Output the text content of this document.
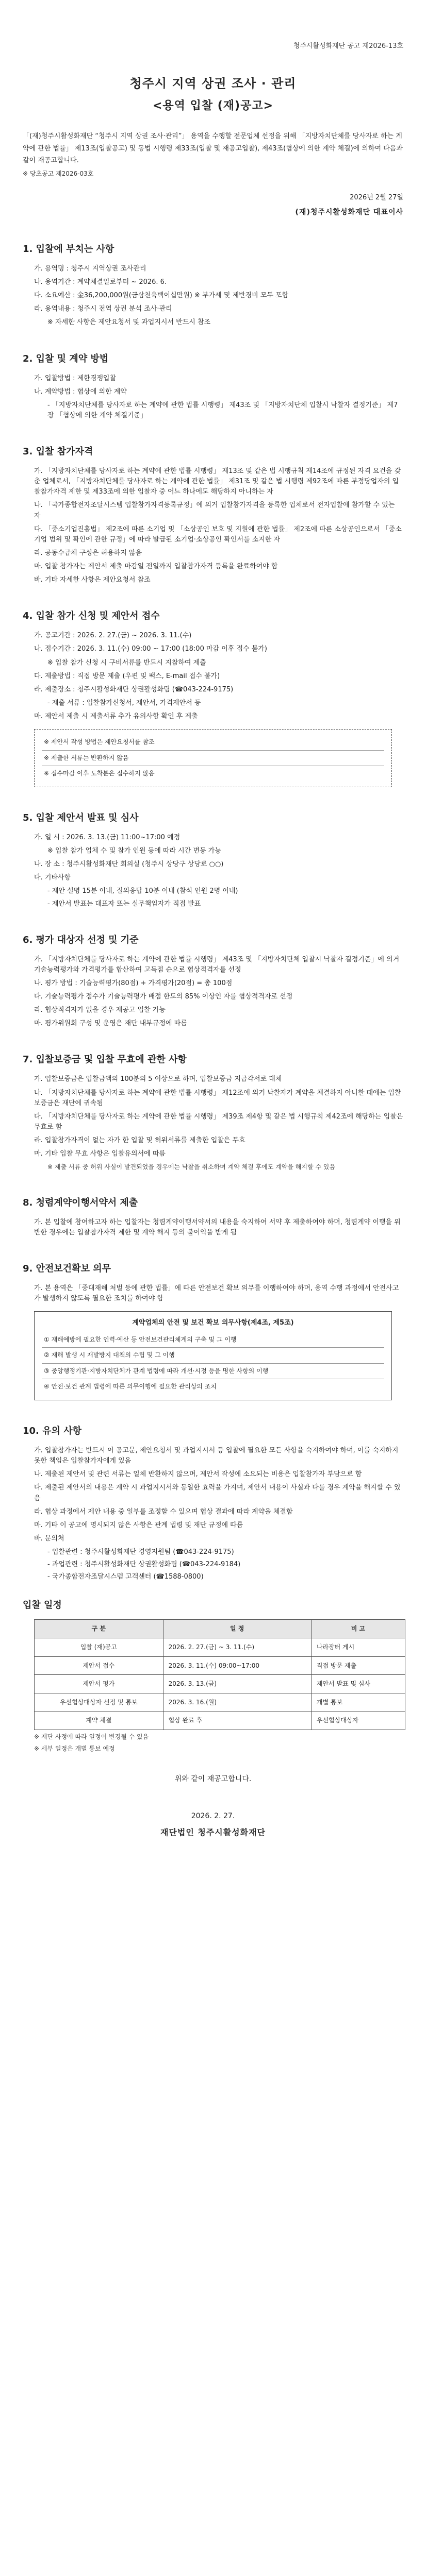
청주시활성화재단 공고 제2026-13호
청주시 지역 상권 조사 · 관리
<용역 입찰 (재)공고>
「(재)청주시활성화재단 “청주시 지역 상권 조사·관리”」 용역을 수행할 전문업체 선정을 위해 「지방자치단체를 당사자로 하는 계약에 관한 법률」 제13조(입찰공고) 및 동법 시행령 제33조(입찰 및 재공고입찰), 제43조(협상에 의한 계약 체결)에 의하여 다음과 같이 재공고합니다.
※ 당초공고 제2026-03호
2026년 2월 27일
(재)청주시활성화재단 대표이사
1. 입찰에 부치는 사항
가. 용역명 : 청주시 지역상권 조사관리
나. 용역기간 : 계약체결일로부터 ~ 2026. 6.
다. 소요예산 : 金36,200,000원(금삼천육백이십만원) ※ 부가세 및 제반경비 모두 포함
라. 용역내용 : 청주시 전역 상권 분석 조사·관리
※ 자세한 사항은 제안요청서 및 과업지시서 반드시 참조
2. 입찰 및 계약 방법
가. 입찰방법 : 제한경쟁입찰
나. 계약방법 : 협상에 의한 계약
- 「지방자치단체를 당사자로 하는 계약에 관한 법률 시행령」 제43조 및 「지방자치단체 입찰시 낙찰자 결정기준」 제7장 「협상에 의한 계약 체결기준」
3. 입찰 참가자격
가. 「지방자치단체를 당사자로 하는 계약에 관한 법률 시행령」 제13조 및 같은 법 시행규칙 제14조에 규정된 자격 요건을 갖춘 업체로서, 「지방자치단체를 당사자로 하는 계약에 관한 법률」 제31조 및 같은 법 시행령 제92조에 따른 부정당업자의 입찰참가자격 제한 및 제33조에 의한 입찰자 중 어느 하나에도 해당하지 아니하는 자
나. 「국가종합전자조달시스템 입찰참가자격등록규정」에 의거 입찰참가자격을 등록한 업체로서 전자입찰에 참가할 수 있는 자
다. 「중소기업진흥법」 제2조에 따른 소기업 및 「소상공인 보호 및 지원에 관한 법률」 제2조에 따른 소상공인으로서 「중소기업 범위 및 확인에 관한 규정」에 따라 발급된 소기업·소상공인 확인서를 소지한 자
라. 공동수급체 구성은 허용하지 않음
마. 입찰 참가자는 제안서 제출 마감일 전일까지 입찰참가자격 등록을 완료하여야 함
바. 기타 자세한 사항은 제안요청서 참조
4. 입찰 참가 신청 및 제안서 접수
가. 공고기간 : 2026. 2. 27.(금) ~ 2026. 3. 11.(수)
나. 접수기간 : 2026. 3. 11.(수) 09:00 ~ 17:00 (18:00 마감 이후 접수 불가)
※ 입찰 참가 신청 시 구비서류를 반드시 지참하여 제출
다. 제출방법 : 직접 방문 제출 (우편 및 팩스, E-mail 접수 불가)
라. 제출장소 : 청주시활성화재단 상권활성화팀 (☎043-224-9175)
- 제출 서류 : 입찰참가신청서, 제안서, 가격제안서 등
마. 제안서 제출 시 제출서류 추가 유의사항 확인 후 제출
※ 제안서 작성 방법은 제안요청서를 참조
※ 제출한 서류는 반환하지 않음
※ 접수마감 이후 도착분은 접수하지 않음
5. 입찰 제안서 발표 및 심사
가. 일 시 : 2026. 3. 13.(금) 11:00~17:00 예정
※ 입찰 참가 업체 수 및 참가 인원 등에 따라 시간 변동 가능
나. 장 소 : 청주시활성화재단 회의실 (청주시 상당구 상당로 ○○)
다. 기타사항
- 제안 설명 15분 이내, 질의응답 10분 이내 (참석 인원 2명 이내)
- 제안서 발표는 대표자 또는 실무책임자가 직접 발표
6. 평가 대상자 선정 및 기준
가. 「지방자치단체를 당사자로 하는 계약에 관한 법률 시행령」 제43조 및 「지방자치단체 입찰시 낙찰자 결정기준」에 의거 기술능력평가와 가격평가를 합산하여 고득점 순으로 협상적격자를 선정
나. 평가 방법 : 기술능력평가(80점) + 가격평가(20점) = 총 100점
다. 기술능력평가 점수가 기술능력평가 배점 한도의 85% 이상인 자를 협상적격자로 선정
라. 협상적격자가 없을 경우 재공고 입찰 가능
마. 평가위원회 구성 및 운영은 재단 내부규정에 따름
7. 입찰보증금 및 입찰 무효에 관한 사항
가. 입찰보증금은 입찰금액의 100분의 5 이상으로 하며, 입찰보증금 지급각서로 대체
나. 「지방자치단체를 당사자로 하는 계약에 관한 법률 시행령」 제12조에 의거 낙찰자가 계약을 체결하지 아니한 때에는 입찰보증금은 재단에 귀속됨
다. 「지방자치단체를 당사자로 하는 계약에 관한 법률 시행령」 제39조 제4항 및 같은 법 시행규칙 제42조에 해당하는 입찰은 무효로 함
라. 입찰참가자격이 없는 자가 한 입찰 및 허위서류를 제출한 입찰은 무효
마. 기타 입찰 무효 사항은 입찰유의서에 따름
※ 제출 서류 중 허위 사실이 발견되었을 경우에는 낙찰을 취소하며 계약 체결 후에도 계약을 해지할 수 있음
8. 청렴계약이행서약서 제출
가. 본 입찰에 참여하고자 하는 입찰자는 청렴계약이행서약서의 내용을 숙지하여 서약 후 제출하여야 하며, 청렴계약 이행을 위반한 경우에는 입찰참가자격 제한 및 계약 해지 등의 불이익을 받게 됨
9. 안전보건확보 의무
가. 본 용역은 「중대재해 처벌 등에 관한 법률」에 따른 안전보건 확보 의무를 이행하여야 하며, 용역 수행 과정에서 안전사고가 발생하지 않도록 필요한 조치를 하여야 함
계약업체의 안전 및 보건 확보 의무사항(제4조, 제5조)
① 재해예방에 필요한 인력·예산 등 안전보건관리체계의 구축 및 그 이행
② 재해 발생 시 재발방지 대책의 수립 및 그 이행
③ 중앙행정기관·지방자치단체가 관계 법령에 따라 개선·시정 등을 명한 사항의 이행
④ 안전·보건 관계 법령에 따른 의무이행에 필요한 관리상의 조치
10. 유의 사항
가. 입찰참가자는 반드시 이 공고문, 제안요청서 및 과업지시서 등 입찰에 필요한 모든 사항을 숙지하여야 하며, 이를 숙지하지 못한 책임은 입찰참가자에게 있음
나. 제출된 제안서 및 관련 서류는 일체 반환하지 않으며, 제안서 작성에 소요되는 비용은 입찰참가자 부담으로 함
다. 제출된 제안서의 내용은 계약 시 과업지시서와 동일한 효력을 가지며, 제안서 내용이 사실과 다를 경우 계약을 해지할 수 있음
라. 협상 과정에서 제안 내용 중 일부를 조정할 수 있으며 협상 결과에 따라 계약을 체결함
마. 기타 이 공고에 명시되지 않은 사항은 관계 법령 및 재단 규정에 따름
바. 문의처
- 입찰관련 : 청주시활성화재단 경영지원팀 (☎043-224-9175)
- 과업관련 : 청주시활성화재단 상권활성화팀 (☎043-224-9184)
- 국가종합전자조달시스템 고객센터 (☎1588-0800)
입찰 일정
구 분	일 정	비 고
입찰 (재)공고	2026. 2. 27.(금) ~ 3. 11.(수)	나라장터 게시
제안서 접수	2026. 3. 11.(수) 09:00~17:00	직접 방문 제출
제안서 평가	2026. 3. 13.(금)	제안서 발표 및 심사
우선협상대상자 선정 및 통보	2026. 3. 16.(월)	개별 통보
계약 체결	협상 완료 후	우선협상대상자
※ 재단 사정에 따라 일정이 변경될 수 있음
※ 세부 일정은 개별 통보 예정
위와 같이 재공고합니다.
2026. 2. 27.
재단법인 청주시활성화재단
